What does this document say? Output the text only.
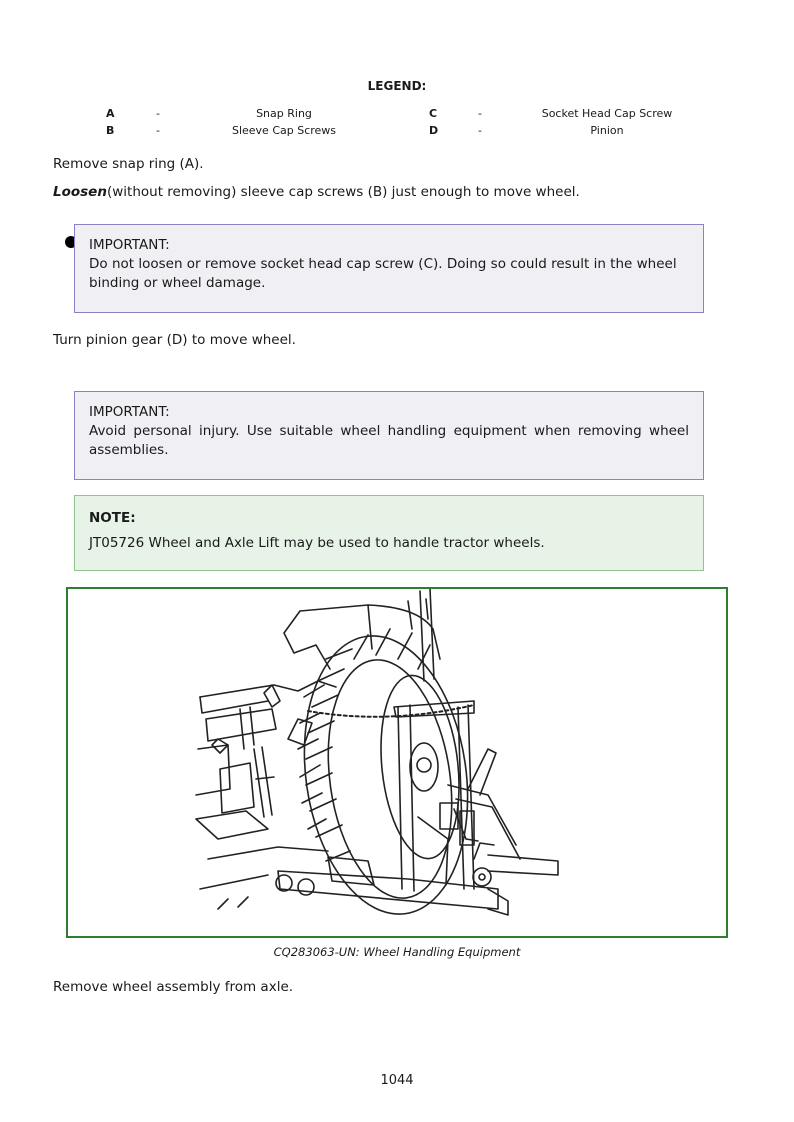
LEGEND:
A	-	Snap Ring
B	-	Sleeve Cap Screws
C	-	Socket Head Cap Screw
D	-	Pinion
Remove snap ring (A).
Loosen(without removing) sleeve cap screws (B) just enough to move wheel.

IMPORTANT:

Do not loosen or remove socket head cap screw (C). Doing so could result in the wheel binding or wheel damage.

Turn pinion gear (D) to move wheel.

IMPORTANT:

Avoid personal injury. Use suitable wheel handling equipment when removing wheel assemblies.

NOTE:

JT05726 Wheel and Axle Lift may be used to handle tractor wheels.

CQ283063-UN: Wheel Handling Equipment
Remove wheel assembly from axle.
1044
